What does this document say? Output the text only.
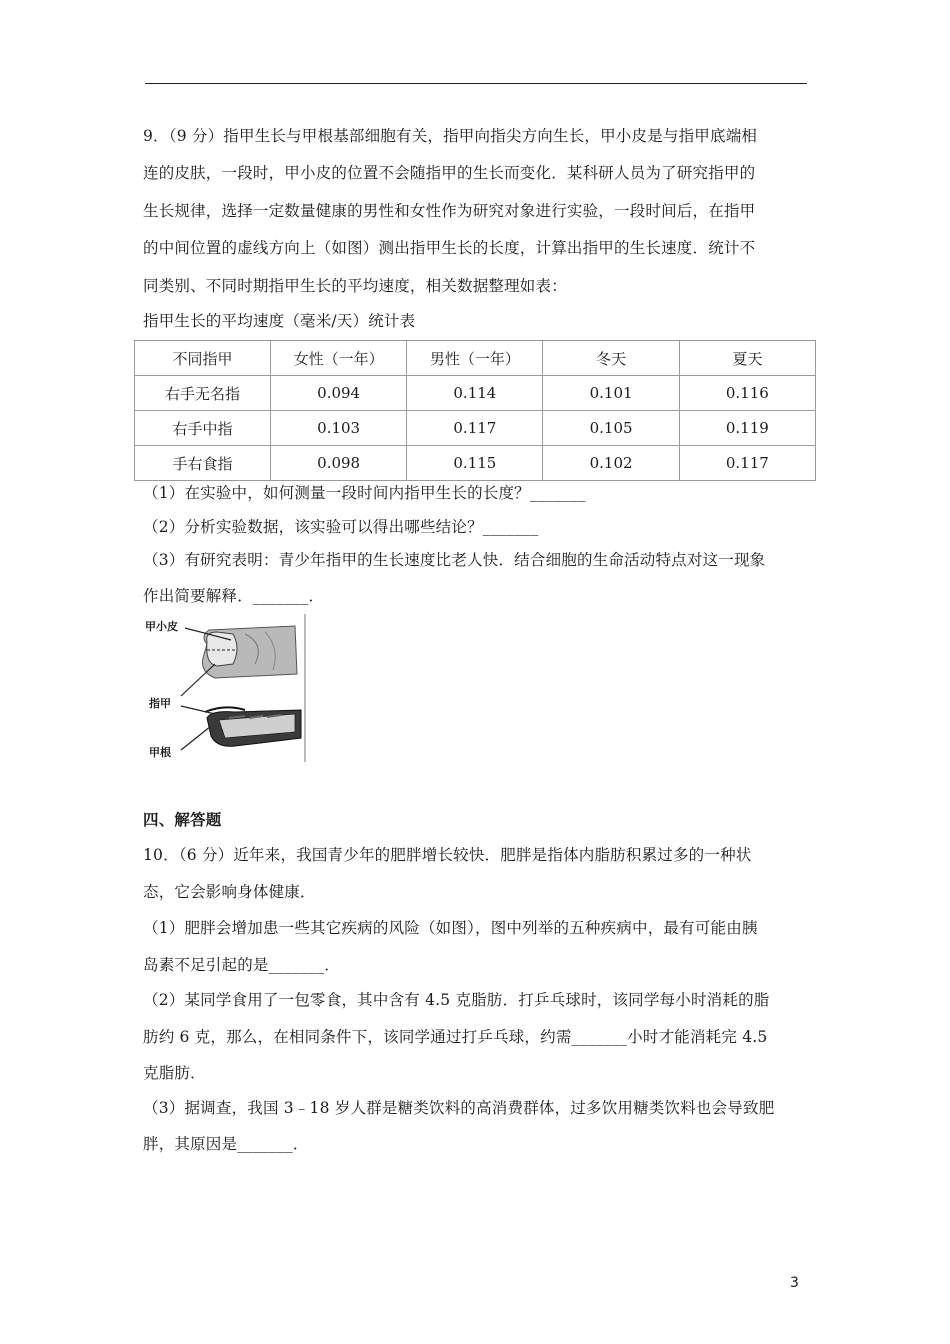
9．（9 分）指甲生长与甲根基部细胞有关，指甲向指尖方向生长，甲小皮是与指甲底端相
连的皮肤，一段时，甲小皮的位置不会随指甲的生长而变化．某科研人员为了研究指甲的
生长规律，选择一定数量健康的男性和女性作为研究对象进行实验，一段时间后，在指甲
的中间位置的虚线方向上（如图）测出指甲生长的长度，计算出指甲的生长速度．统计不
同类别、不同时期指甲生长的平均速度，相关数据整理如表：
指甲生长的平均速度（毫米/天）统计表
不同指甲	女性（一年）	男性（一年）	冬天	夏天
右手无名指	0.094	0.114	0.101	0.116
右手中指	0.103	0.117	0.105	0.119
手右食指	0.098	0.115	0.102	0.117
（1）在实验中，如何测量一段时间内指甲生长的长度？_______
（2）分析实验数据，该实验可以得出哪些结论？_______
（3）有研究表明：青少年指甲的生长速度比老人快．结合细胞的生命活动特点对这一现象
作出简要解释．_______．
甲小皮
指甲
甲根
四、解答题
10．（6 分）近年来，我国青少年的肥胖增长较快．肥胖是指体内脂肪积累过多的一种状
态，它会影响身体健康．
（1）肥胖会增加患一些其它疾病的风险（如图），图中列举的五种疾病中，最有可能由胰
岛素不足引起的是_______．
（2）某同学食用了一包零食，其中含有 4.5 克脂肪．打乒乓球时，该同学每小时消耗的脂
肪约 6 克，那么，在相同条件下，该同学通过打乒乓球，约需_______小时才能消耗完 4.5
克脂肪．
（3）据调查，我国 3﹣18 岁人群是糖类饮料的高消费群体，过多饮用糖类饮料也会导致肥
胖，其原因是_______．
3
